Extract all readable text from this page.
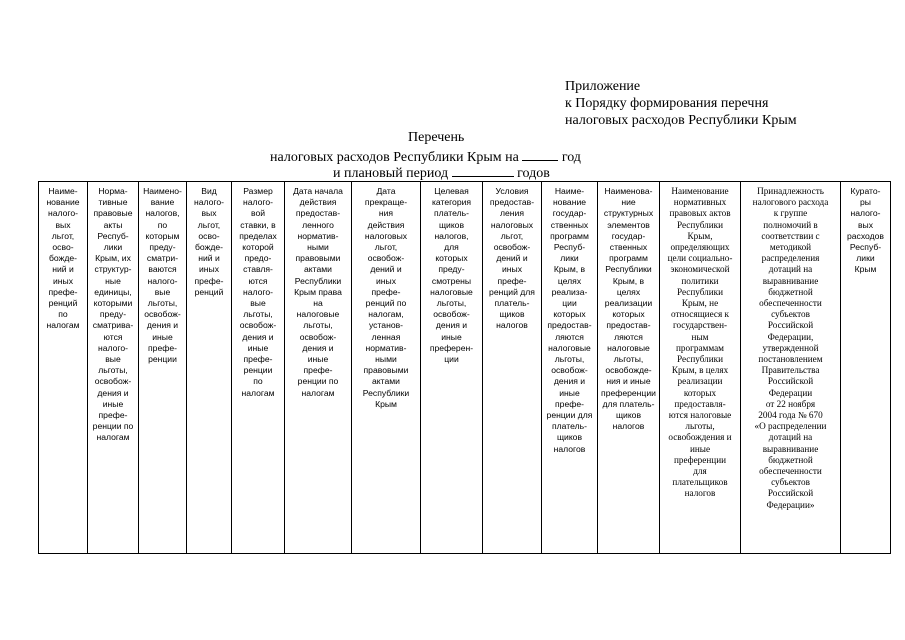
Приложение
к Порядку формирования перечня
налоговых расходов Республики Крым
Перечень
налоговых расходов Республики Крым на	год
и плановый период	годов
Наиме-
нование
налого-
вых
льгот,
осво-
божде-
ний и
иных
префе-
ренций
по
налогам	Норма-
тивные
правовые
акты
Респуб-
лики
Крым, их
структур-
ные
единицы,
которыми
преду-
сматрива-
ются
налого-
вые
льготы,
освобож-
дения и
иные
префе-
ренции по
налогам	Наимено-
вание
налогов,
по
которым
преду-
сматри-
ваются
налого-
вые
льготы,
освобож-
дения и
иные
префе-
ренции	Вид
налого-
вых
льгот,
осво-
божде-
ний и
иных
префе-
ренций	Размер
налого-
вой
ставки, в
пределах
которой
предо-
ставля-
ются
налого-
вые
льготы,
освобож-
дения и
иные
префе-
ренции
по
налогам	Дата начала
действия
предостав-
ленного
норматив-
ными
правовыми
актами
Республики
Крым права
на
налоговые
льготы,
освобож-
дения и
иные
префе-
ренции по
налогам	Дата
прекраще-
ния
действия
налоговых
льгот,
освобож-
дений и
иных
префе-
ренций по
налогам,
установ-
ленная
норматив-
ными
правовыми
актами
Республики
Крым	Целевая
категория
платель-
щиков
налогов,
для
которых
преду-
смотрены
налоговые
льготы,
освобож-
дения и
иные
преферен-
ции	Условия
предостав-
ления
налоговых
льгот,
освобож-
дений и
иных
префе-
ренций для
платель-
щиков
налогов	Наиме-
нование
государ-
ственных
программ
Респуб-
лики
Крым, в
целях
реализа-
ции
которых
предостав-
ляются
налоговые
льготы,
освобож-
дения и
иные
префе-
ренции для
платель-
щиков
налогов	Наименова-
ние
структурных
элементов
государ-
ственных
программ
Республики
Крым, в
целях
реализации
которых
предостав-
ляются
налоговые
льготы,
освобожде-
ния и иные
преференции
для платель-
щиков
налогов	Наименование
нормативных
правовых актов
Республики
Крым,
определяющих
цели социально-
экономической
политики
Республики
Крым, не
относящиеся к
государствен-
ным
программам
Республики
Крым, в целях
реализации
которых
предоставля-
ются налоговые
льготы,
освобождения и
иные
преференции
для
плательщиков
налогов	Принадлежность
налогового расхода
к группе
полномочий в
соответствии с
методикой
распределения
дотаций на
выравнивание
бюджетной
обеспеченности
субъектов
Российской
Федерации,
утвержденной
постановлением
Правительства
Российской
Федерации
от 22 ноября
2004 года № 670
«О распределении
дотаций на
выравнивание
бюджетной
обеспеченности
субъектов
Российской
Федерации»	Курато-
ры
налого-
вых
расходов
Респуб-
лики
Крым
